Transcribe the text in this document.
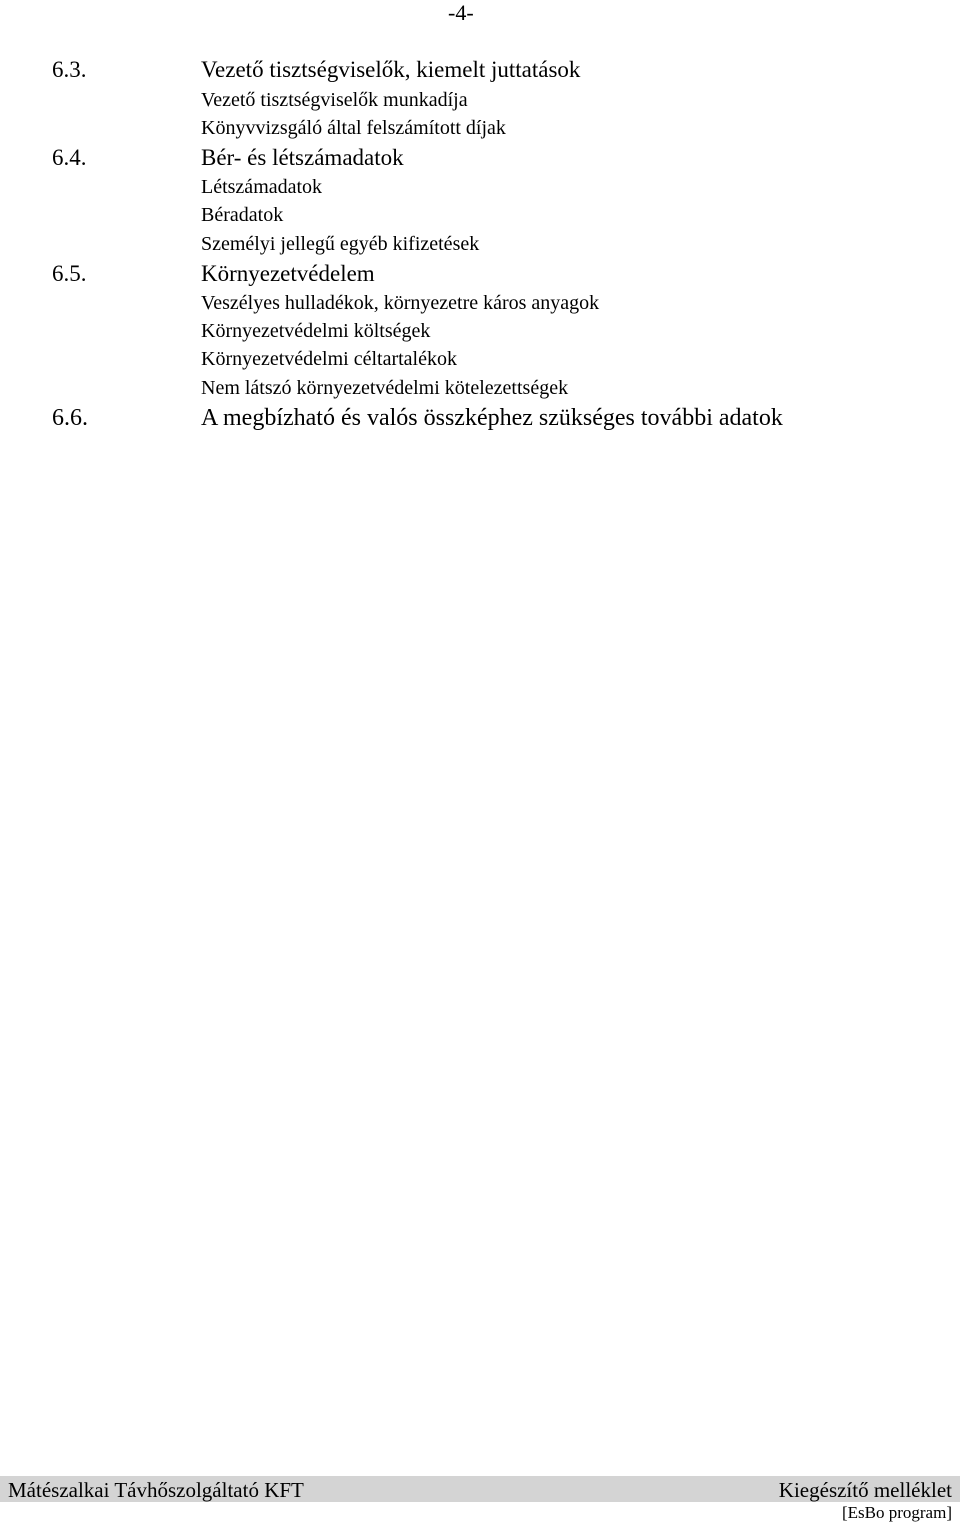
-4-
6.3.	Vezető tisztségviselők, kiemelt juttatások
Vezető tisztségviselők munkadíja
Könyvvizsgáló által felszámított díjak
6.4.	Bér- és létszámadatok
Létszámadatok
Béradatok
Személyi jellegű egyéb kifizetések
6.5.	Környezetvédelem
Veszélyes hulladékok, környezetre káros anyagok
Környezetvédelmi költségek
Környezetvédelmi céltartalékok
Nem látszó környezetvédelmi kötelezettségek
6.6.	A megbízható és valós összképhez szükséges további adatok
Mátészalkai Távhőszolgáltató KFT	Kiegészítő melléklet
[EsBo program]
